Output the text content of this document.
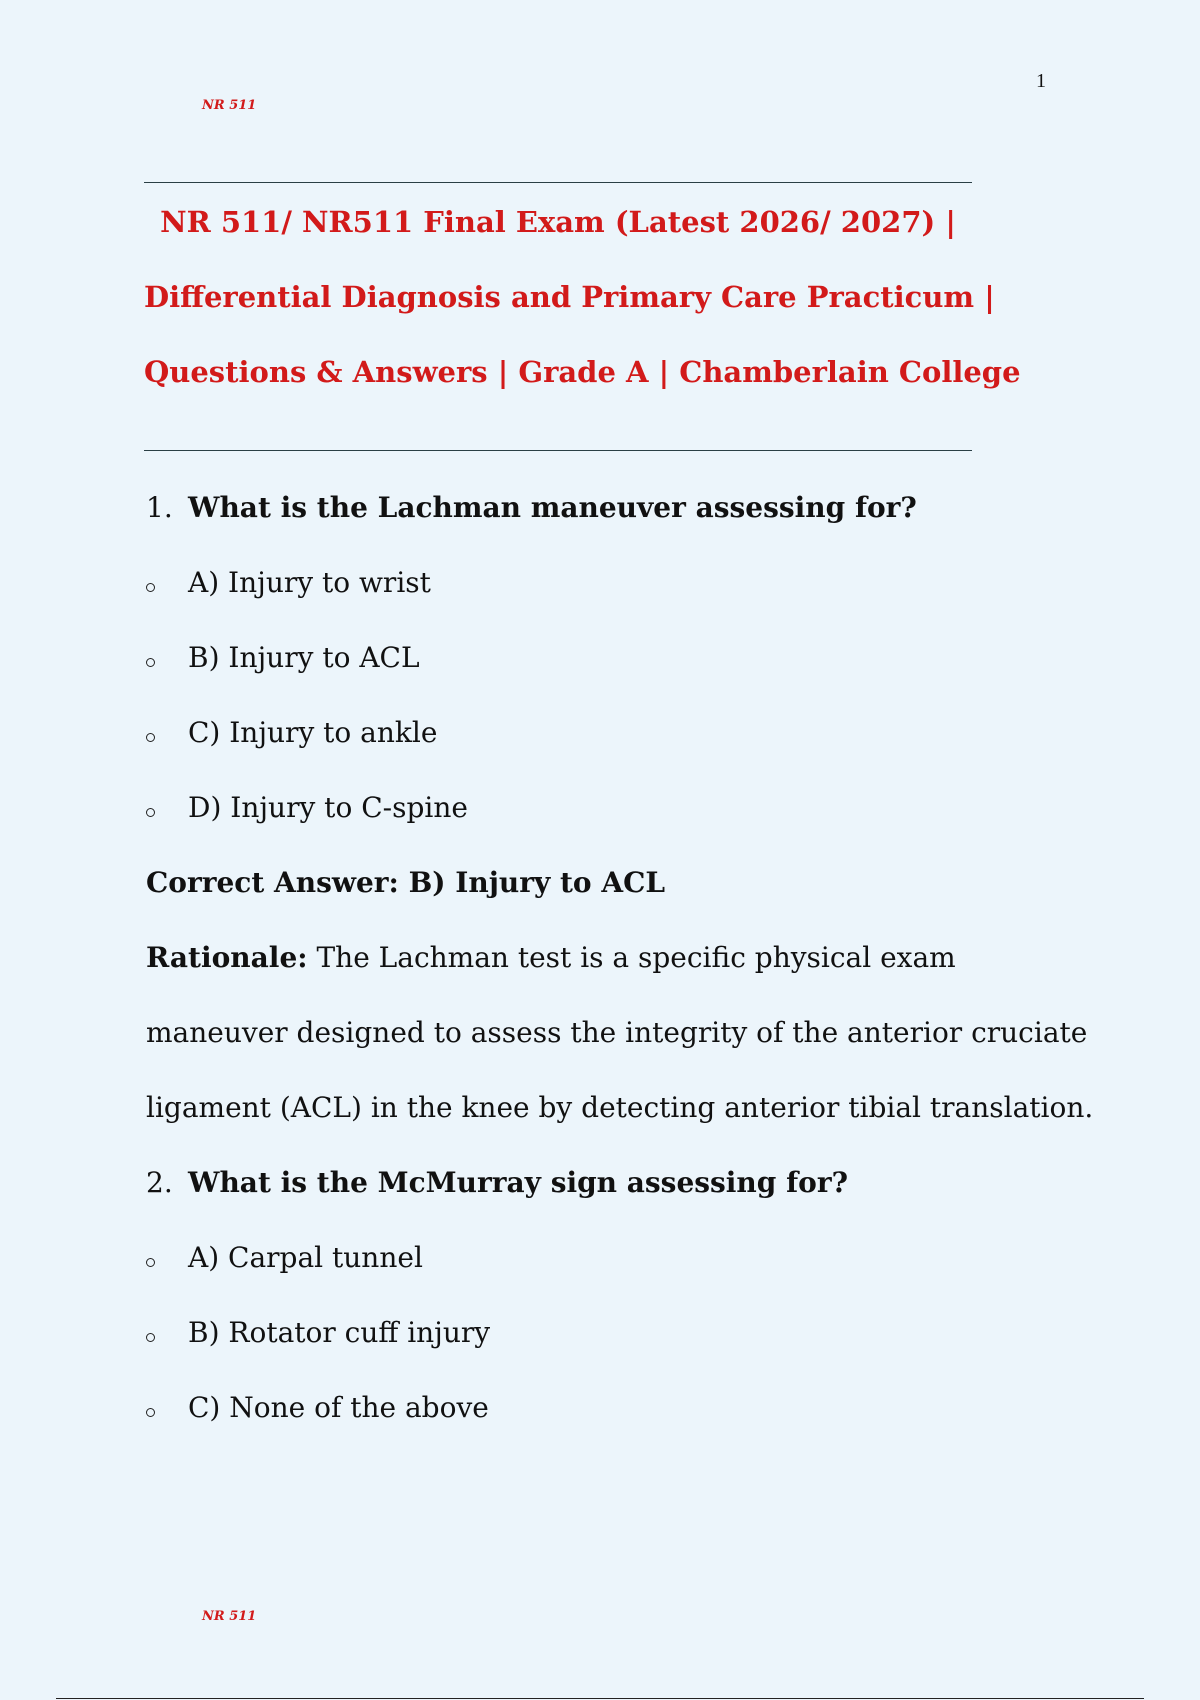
1
NR 511
NR 511/ NR511 Final Exam (Latest 2026/ 2027) |
Differential Diagnosis and Primary Care Practicum |
Questions & Answers | Grade A | Chamberlain College
1. What is the Lachman maneuver assessing for?
A) Injury to wrist
B) Injury to ACL
C) Injury to ankle
D) Injury to C-spine
Correct Answer: B) Injury to ACL
Rationale: The Lachman test is a specific physical exam
maneuver designed to assess the integrity of the anterior cruciate
ligament (ACL) in the knee by detecting anterior tibial translation.
2. What is the McMurray sign assessing for?
A) Carpal tunnel
B) Rotator cuff injury
C) None of the above
NR 511
